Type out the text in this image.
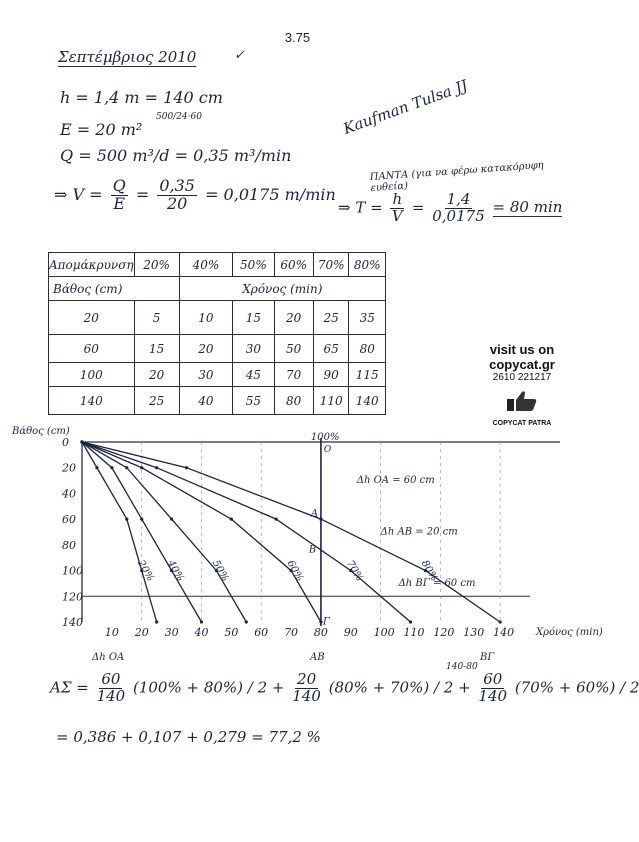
3.75
Σεπτέμβριος 2010	✓
Kaufman Tulsa JJ
h = 1,4 m = 140 cm
E = 20 m²
500/24·60
Q = 500 m³/d = 0,35 m³/min
⇒ $V = \frac{Q}{E} = \frac{0,35}{20} = 0,0175$ m/min
ΠΑΝΤΑ (για να φέρω κατακόρυφη ευθεία)
⇒ $T = \frac{h}{V} = \frac{1,4}{0,0175} = 80$ min
Απομάκρυνση	20%	40%	50%	60%	70%	80%
Βάθος (cm)		Χρόνος (min)				
20	5	10	15	20	25	35
60	15	20	30	50	65	80
100	20	30	45	70	90	115
140	25	40	55	80	110	140
visit us on
copycat.gr
2610 221217
COPYCAT PATRA
0
20
40
60
80
100
120
140
10 20 30 40 50 60 70 80 90 100 110 120 130 140
Βάθος (cm)
Χρόνος (min)
100%
20% 40% 50%	60%	70%	80%
Δh ΟΑ = 60 cm
Δh ΑΒ = 20 cm
Δh ΒΓ = 60 cm
A
B
Γ
O
$A\Sigma = \frac{60}{140} (100\% + 80\%) / 2 + \frac{20}{140} (80\% + 70\%) / 2 + \frac{60}{140} (70\% + 60\%) / 2$
Δh ΟΑ	ΑΒ	ΒΓ
140-80
= 0,386 + 0,107 + 0,279 = 77,2 %
